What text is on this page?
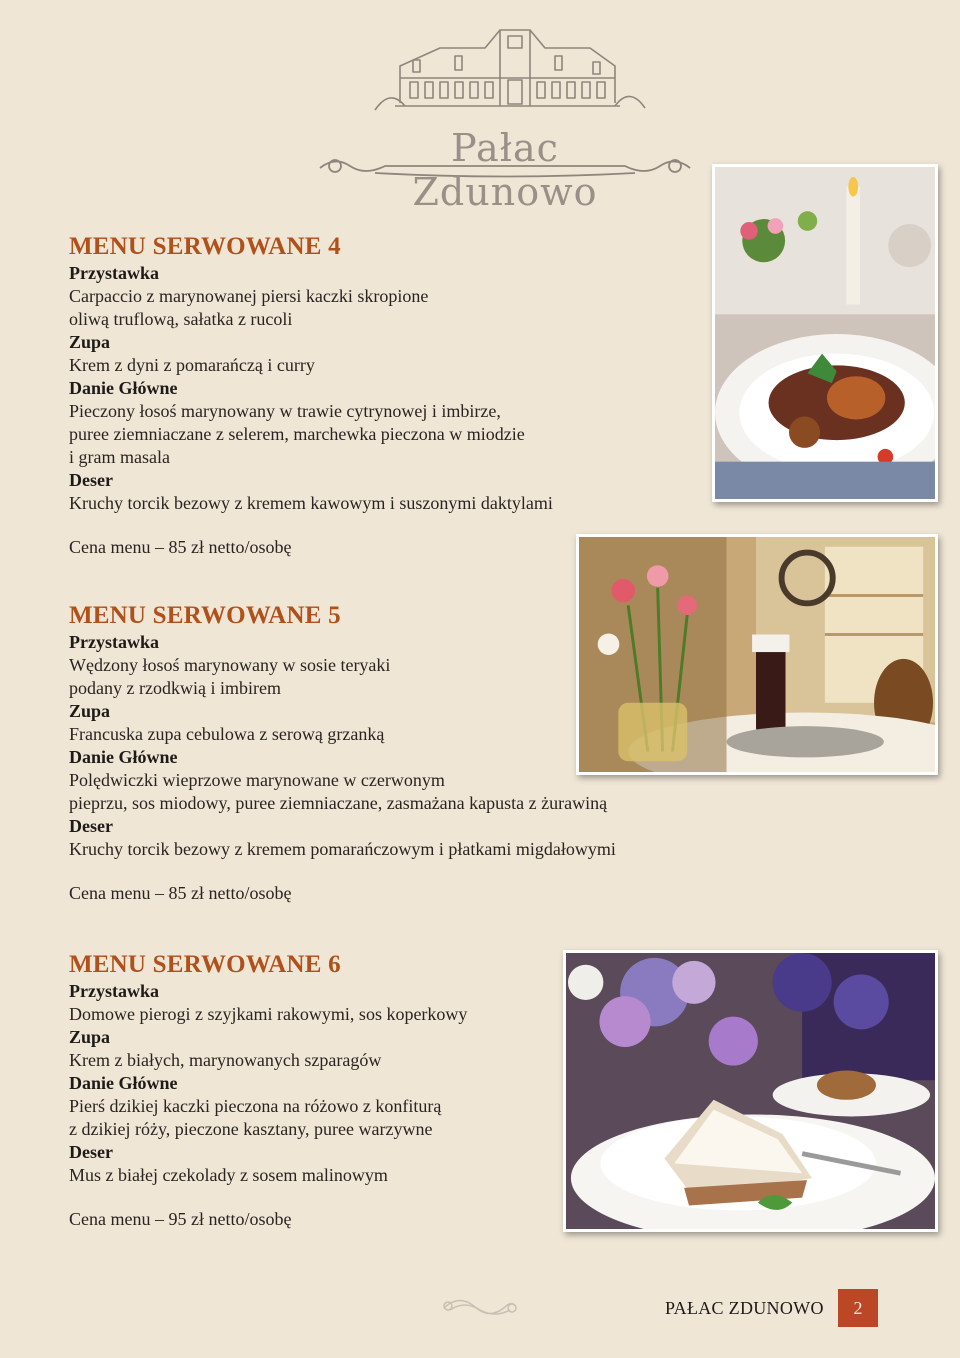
Pałac Zdunowo
MENU SERWOWANE 4
Przystawka
Carpaccio z marynowanej piersi kaczki skropione
oliwą truflową, sałatka z rucoli
Zupa
Krem z dyni z pomarańczą i curry
Danie Główne
Pieczony łosoś marynowany w trawie cytrynowej i imbirze,
puree ziemniaczane z selerem, marchewka pieczona w miodzie
i gram masala
Deser
Kruchy torcik bezowy z kremem kawowym i suszonymi daktylami
Cena menu – 85 zł netto/osobę
MENU SERWOWANE 5
Przystawka
Wędzony łosoś marynowany w sosie teryaki
podany z rzodkwią i imbirem
Zupa
Francuska zupa cebulowa z serową grzanką
Danie Główne
Polędwiczki wieprzowe marynowane w czerwonym
pieprzu, sos miodowy, puree ziemniaczane, zasmażana kapusta z żurawiną
Deser
Kruchy torcik bezowy z kremem pomarańczowym i płatkami migdałowymi
Cena menu – 85 zł netto/osobę
MENU SERWOWANE 6
Przystawka
Domowe pierogi z szyjkami rakowymi, sos koperkowy
Zupa
Krem z białych, marynowanych szparagów
Danie Główne
Pierś dzikiej kaczki pieczona na różowo z konfiturą
z dzikiej róży, pieczone kasztany, puree warzywne
Deser
Mus z białej czekolady z sosem malinowym
Cena menu – 95 zł netto/osobę
PAŁAC ZDUNOWO	2
